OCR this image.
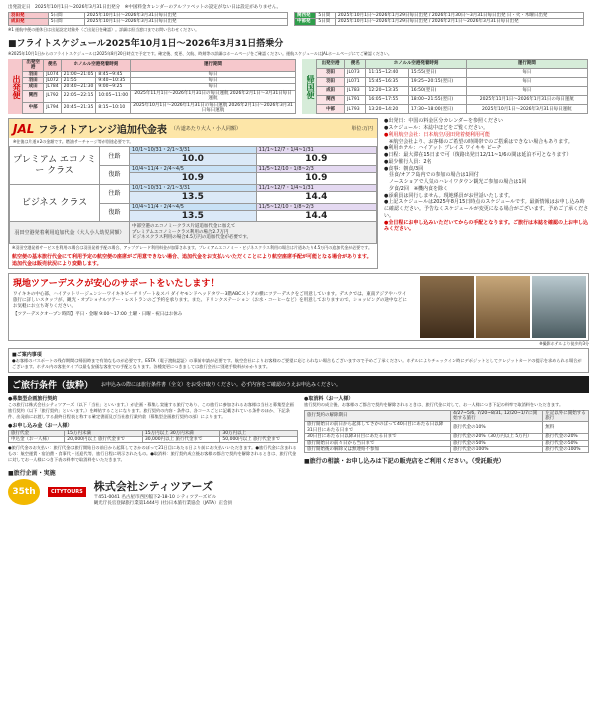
出発設定日　2025年10月1日～2026年3月31日出発分　※中国料金カレンダーのアルファベットの設定がない日は設定がありません。
羽田発	5日間	2025年10月1日～2026年3月31日毎日出発
成田発	5日間	2025年10月1日～2026年3月31日毎日出発
関西発	5日間	2025年10月1日～2026年1月29日毎日出発 / 2026年1月30日～3月31日毎日出発 日・火・木曜日出発
中部発	5日間	2025年10月1日～2026年1月29日毎日出発 / 2026年2月1日～2026年3月31日毎日出発
※1 運航中便の運休日は出発設定対象外（ご出発日を確認）。詳細は担当窓口までお問い合わせください。
■フライトスケジュール2025年10月1日～2026年3月31日搭乗分
※2025年10月1日からのフライトスケジュールは2025年8月20日時点で予定です。確定後、変更、欠航、時刻等の詳細はホームページをご確認ください。運航スケジュールはJALホームページにてご確認ください。
出発便
出発空港	便名	ホノルル空港発着時刻		運行期間
羽田	JL074	21:00~21:05	8:45~9:45	毎日
羽田	JL072	21:55	9:40~10:35	毎日
成田	JL784	20:40~21:30	9:00~9:25	毎日
関西	JL792	22:05~22:15	10:05~11:00	2025年11月1日～2026年1月31日の毎日運航 2026年2月1日～3月31日毎日運航
中部	JL794	20:45~21:35	8:15~10:10	2025年10月1日～2026年1月31日の毎日運航 2026年2月1日～2026年3月31日毎日運航
帰国便
出発空港	便名	ホノルル空港発着時刻		運行期間
羽田	JL073	11:15~12:40	15:55(翌日)	毎日
羽田	JL071	15:45~16:35	19:25~20:15(翌日)	毎日
成田	JL783	12:20~13:35	16:50(翌日)	毎日
関西	JL791	16:05~17:55	18:00~21:55(翌日)	2025年11月1日～2026年1月31日の毎日運航
中部	JL793	13:20~14:20	17:30~18:00(翌日)	2025年10月1日～2026年3月31日毎日運航
JAL フライトアレンジ追加代金表 （片道あたり大人・小人同額）	単位:万円
※往復は片道×2の金額です。燃油サーチャージ等が別途必要です。
プレミアム エコノミー クラス	往路	10/1~10/31・2/1~3/31	11/1~12/7・1/4~1/31
		10.0	10.9
	復路	10/4~11/4・2/4~4/5	11/5~12/10・1/8~2/3
		10.9	10.9
ビジネス クラス	往路	10/1~10/31・2/1~3/31	11/1~12/7・1/4~1/31
		13.5	14.4
	復路	10/4~11/4・2/4~4/5	11/5~12/10・1/8~2/3
		13.5	14.4
羽田空港発着利用追加代金（大人小人幼児同額）		中部空港のエコノミークラス片道追加代金に加えて
プレミアムエコノミークラス利用の場合2.7万円
ビジネスクラス利用の場合4.5万円の追加代金が必要です。	
※羽田空港発着サービスを利用の場合は羽田発着手配の場合、アップグレード利用料金が加算されます。プレミアムエコノミー・ビジネスクラス利用の場合は片道あたり4.5万円の追加代金が必要です。
航空便の基本旅行代金にて利用予定の航空便の座席がご用意できない場合、追加代金をお支払いいただくことにより航空座席手配が可能となる場合があります。追加代金は販売状況により変動します。
●出発日：中国の料金区分カレンダーを参照ください
●スケジュール：本誌中ほどをご覧ください。
●利用航空会社：日本航空/羽田発着便利用可能
　※航空会社より、お客様のご希望の時間帯でのご搭乗はできない場合もあります。
●利用ホテル：ハイアット プレイス ワイキキ ビーチ
●日程：最大滞在15日まで可（復路出発日12/11~1/6の間は延泊不可となります）
●最少催行人員：2名
●食事：朝食/3回
　昼食/オアフ島内での参加の場合は1回付
　ノースショアで人気のハレイワタウン観光ご参加の場合は1回
　夕食/2回　※機内食を除く
●添乗員は同行しません。現地係員がお世話いたします。
●上記スケジュールは2025年8月15日時点のスケジュールです。最新情報はお申し込み時に確認ください。予告なくスケジュールが変更になる場合がございます。予めご了承ください。
●全日程にお申し込みいただいてからの手配となります。ご旅行は本誌を確認の上お申し込みください。
現地ツアーデスクが安心のサポートをいたします！
ワイキキの中心部、ハイアットリージェンシーワイキキビーチリゾート＆スパ ダイヤモンドヘッドタワー3階ABCストアの横にツアーデスクをご用意しています。デスクでは、東南アジアやハワイ旅行に詳しいスタッフが、観光・オプショナルツアー・レストランのご予約を承ります。また、ドリンクステーション（お水・コーヒーなど）を用意しておりますので、ショッピングの途中などにお気軽にお立ち寄りください。
【ツアーデスクオープン時間】平日・金曜 9:00～17:00 土曜・日曜・祝日はお休み
※撮影ホテルより徒歩約3分
■ご案内事項
●お客様のパスポートの残存期間は帰国時まで有効なものが必要です。ESTA（電子渡航認証）の事前申請が必要です。航空会社によりお客様のご要望に応じられない場合もございますので予めご了承ください。ホテルによりチェックイン時にデポジットとしてクレジットカードの提示を求められる場合がございます。ホテル内の客室タイプは最も安価な客室での手配となります。各種変更につきましては旅行会社に別途手数料がかかります。
ご旅行条件（抜粋） お申込みの際には旅行条件書（全文）をお受け取りください。必ず内容をご確認のうえお申込みください。
●募集型企画旅行契約
この旅行は株式会社シティツアーズ（以下「当社」といいます。）が企画・募集し実施する旅行であり、この旅行に参加されるお客様は当社と募集型企画旅行契約（以下「旅行契約」といいます。）を締結することになります。旅行契約の内容・条件は、各コースごとに記載されている条件のほか、下記条件、出発前にお渡しする最終日程表と称する確定書面及び当社旅行業約款（募集型企画旅行契約の部）によります。
●お申し込み金（お一人様）
旅行代金	15万円未満	15万円以上 30万円未満	30万円以上
申込金（お一人様）	20,000円以上 旅行代金まで	30,000円以上 旅行代金まで	50,000円以上 旅行代金まで
●旅行代金のお支払い：旅行代金は旅行開始日の前日から起算してさかのぼって21日目にあたる日より前にお支払いいただきます。●旅行代金に含まれるもの：航空運賃・宿泊費・食事代・送迎代等、旅行日程に明示されたもの。●取消料：旅行契約成立後お客様の都合で契約を解除されるときは、旅行代金に対してお一人様につき下表の料率で取消料をいただきます。
●取消料（お一人様）
旅行契約の成立後、お客様のご都合で契約を解除されるときは、旅行代金に対して、お一人様につき下記の料率で取消料をいただきます。
旅行契約の解除期日	4/27~5/6, 7/20~8/31, 12/20~1/7に開始する旅行	左記以外に開始する旅行
旅行開始日の前日から起算してさかのぼって40日目にあたる日以降31日目にあたる日まで	旅行代金の10%	無料
30日目にあたる日以降3日目にあたる日まで	旅行代金の20%（30万円以上 5万円）	旅行代金の20%
旅行開始日の前々日から当日まで	旅行代金の50%	旅行代金の50%
旅行開始後の解除又は無連絡不参加	旅行代金の100%	旅行代金の100%
■旅行の相談・お申し込みは下記の販売店をご利用ください。（受託販売）
■旅行企画・実施
35th	CITYTOURS 株式会社シティツアーズ
〒451-0041 名古屋市西区幅下2-18-10 シティツアーズビル
観光庁長官登録旅行業第1444号 (社)日本旅行業協会（JATA）正会員
